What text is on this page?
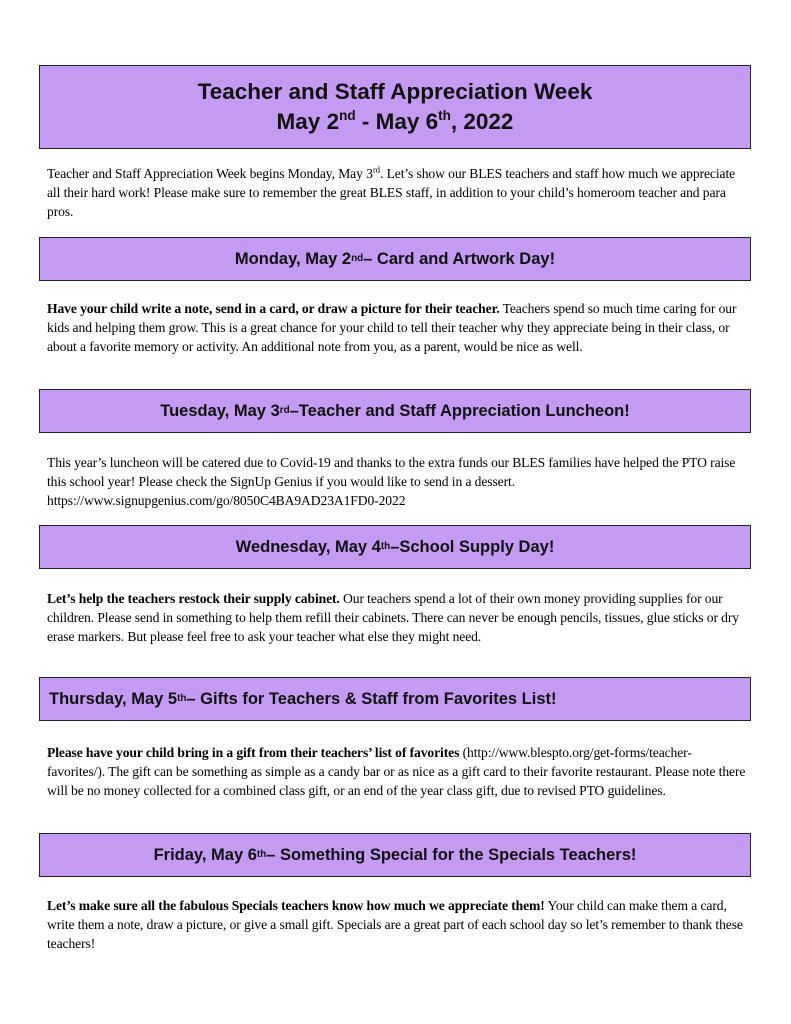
Teacher and Staff Appreciation Week
May 2nd - May 6th, 2022
Teacher and Staff Appreciation Week begins Monday, May 3rd. Let’s show our BLES teachers and staff how much we appreciate all their hard work! Please make sure to remember the great BLES staff, in addition to your child’s homeroom teacher and para pros.
Monday, May 2nd – Card and Artwork Day!
Have your child write a note, send in a card, or draw a picture for their teacher. Teachers spend so much time caring for our kids and helping them grow. This is a great chance for your child to tell their teacher why they appreciate being in their class, or about a favorite memory or activity. An additional note from you, as a parent, would be nice as well.
Tuesday, May 3rd –Teacher and Staff Appreciation Luncheon!
This year’s luncheon will be catered due to Covid-19 and thanks to the extra funds our BLES families have helped the PTO raise this school year! Please check the SignUp Genius if you would like to send in a dessert. https://www.signupgenius.com/go/8050C4BA9AD23A1FD0-2022
Wednesday, May 4th –School Supply Day!
Let’s help the teachers restock their supply cabinet. Our teachers spend a lot of their own money providing supplies for our children. Please send in something to help them refill their cabinets. There can never be enough pencils, tissues, glue sticks or dry erase markers. But please feel free to ask your teacher what else they might need.
Thursday, May 5th – Gifts for Teachers & Staff from Favorites List!
Please have your child bring in a gift from their teachers’ list of favorites (http://www.blespto.org/get-forms/teacher-favorites/). The gift can be something as simple as a candy bar or as nice as a gift card to their favorite restaurant. Please note there will be no money collected for a combined class gift, or an end of the year class gift, due to revised PTO guidelines.
Friday, May 6th – Something Special for the Specials Teachers!
Let’s make sure all the fabulous Specials teachers know how much we appreciate them! Your child can make them a card, write them a note, draw a picture, or give a small gift. Specials are a great part of each school day so let’s remember to thank these teachers!
